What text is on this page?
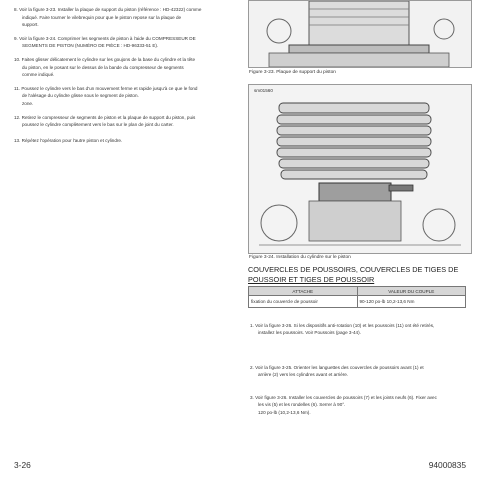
8. Voir la figure 3-23. Installer la plaque de support du piston (référence : HD-42322) comme
indiqué. Faire tourner le vilebrequin pour que le piston repose sur la plaque de
support.
9. Voir la figure 3-24. Comprimer les segments de piston à l'aide du COMPRESSEUR DE
SEGMENTS DE PISTON (NUMÉRO DE PIÈCE : HD-96333-51 E).
10. Faites glisser délicatement le cylindre sur les goujons de la base du cylindre et la tête
du piston, en le posant sur le dessus de la bande du compresseur de segments
comme indiqué.
11. Poussez le cylindre vers le bas d'un mouvement ferme et rapide jusqu'à ce que le fond
de l'alésage du cylindre glisse sous le segment de piston.
zone.
12. Retirez le compresseur de segments de piston et la plaque de support du piston, puis
poussez le cylindre complètement vers le bas sur le plan de joint du carter.
13. Répétez l'opération pour l'autre piston et cylindre.
Figure 3-23. Plaque de support du piston
sm01560
Figure 3-24. Installation du cylindre sur le piston
COUVERCLES DE POUSSOIRS, COUVERCLES DE TIGES DE
POUSSOIR ET TIGES DE POUSSOIR
ATTACHE	VALEUR DU COUPLE
fixation du couvercle de poussoir	90-120 po-lb 10,2-13,6 Nm
1. Voir la figure 3-26. Si les dispositifs anti-rotation (10) et les poussoirs (11) ont été retirés,
installez les poussoirs. Voir Poussoirs (page 3-44).
2. Voir la figure 3-25. Orienter les languettes des couvercles de poussoirs avant (1) et
arrière (2) vers les cylindres avant et arrière.
3. Voir figure 3-26. Installer les couvercles de poussoirs (7) et les joints neufs (6). Fixer avec
les vis (5) et les rondelles (6). Serrer à 90°.
120 po-lb (10,2-13,6 Nm).
3-26	94000835
